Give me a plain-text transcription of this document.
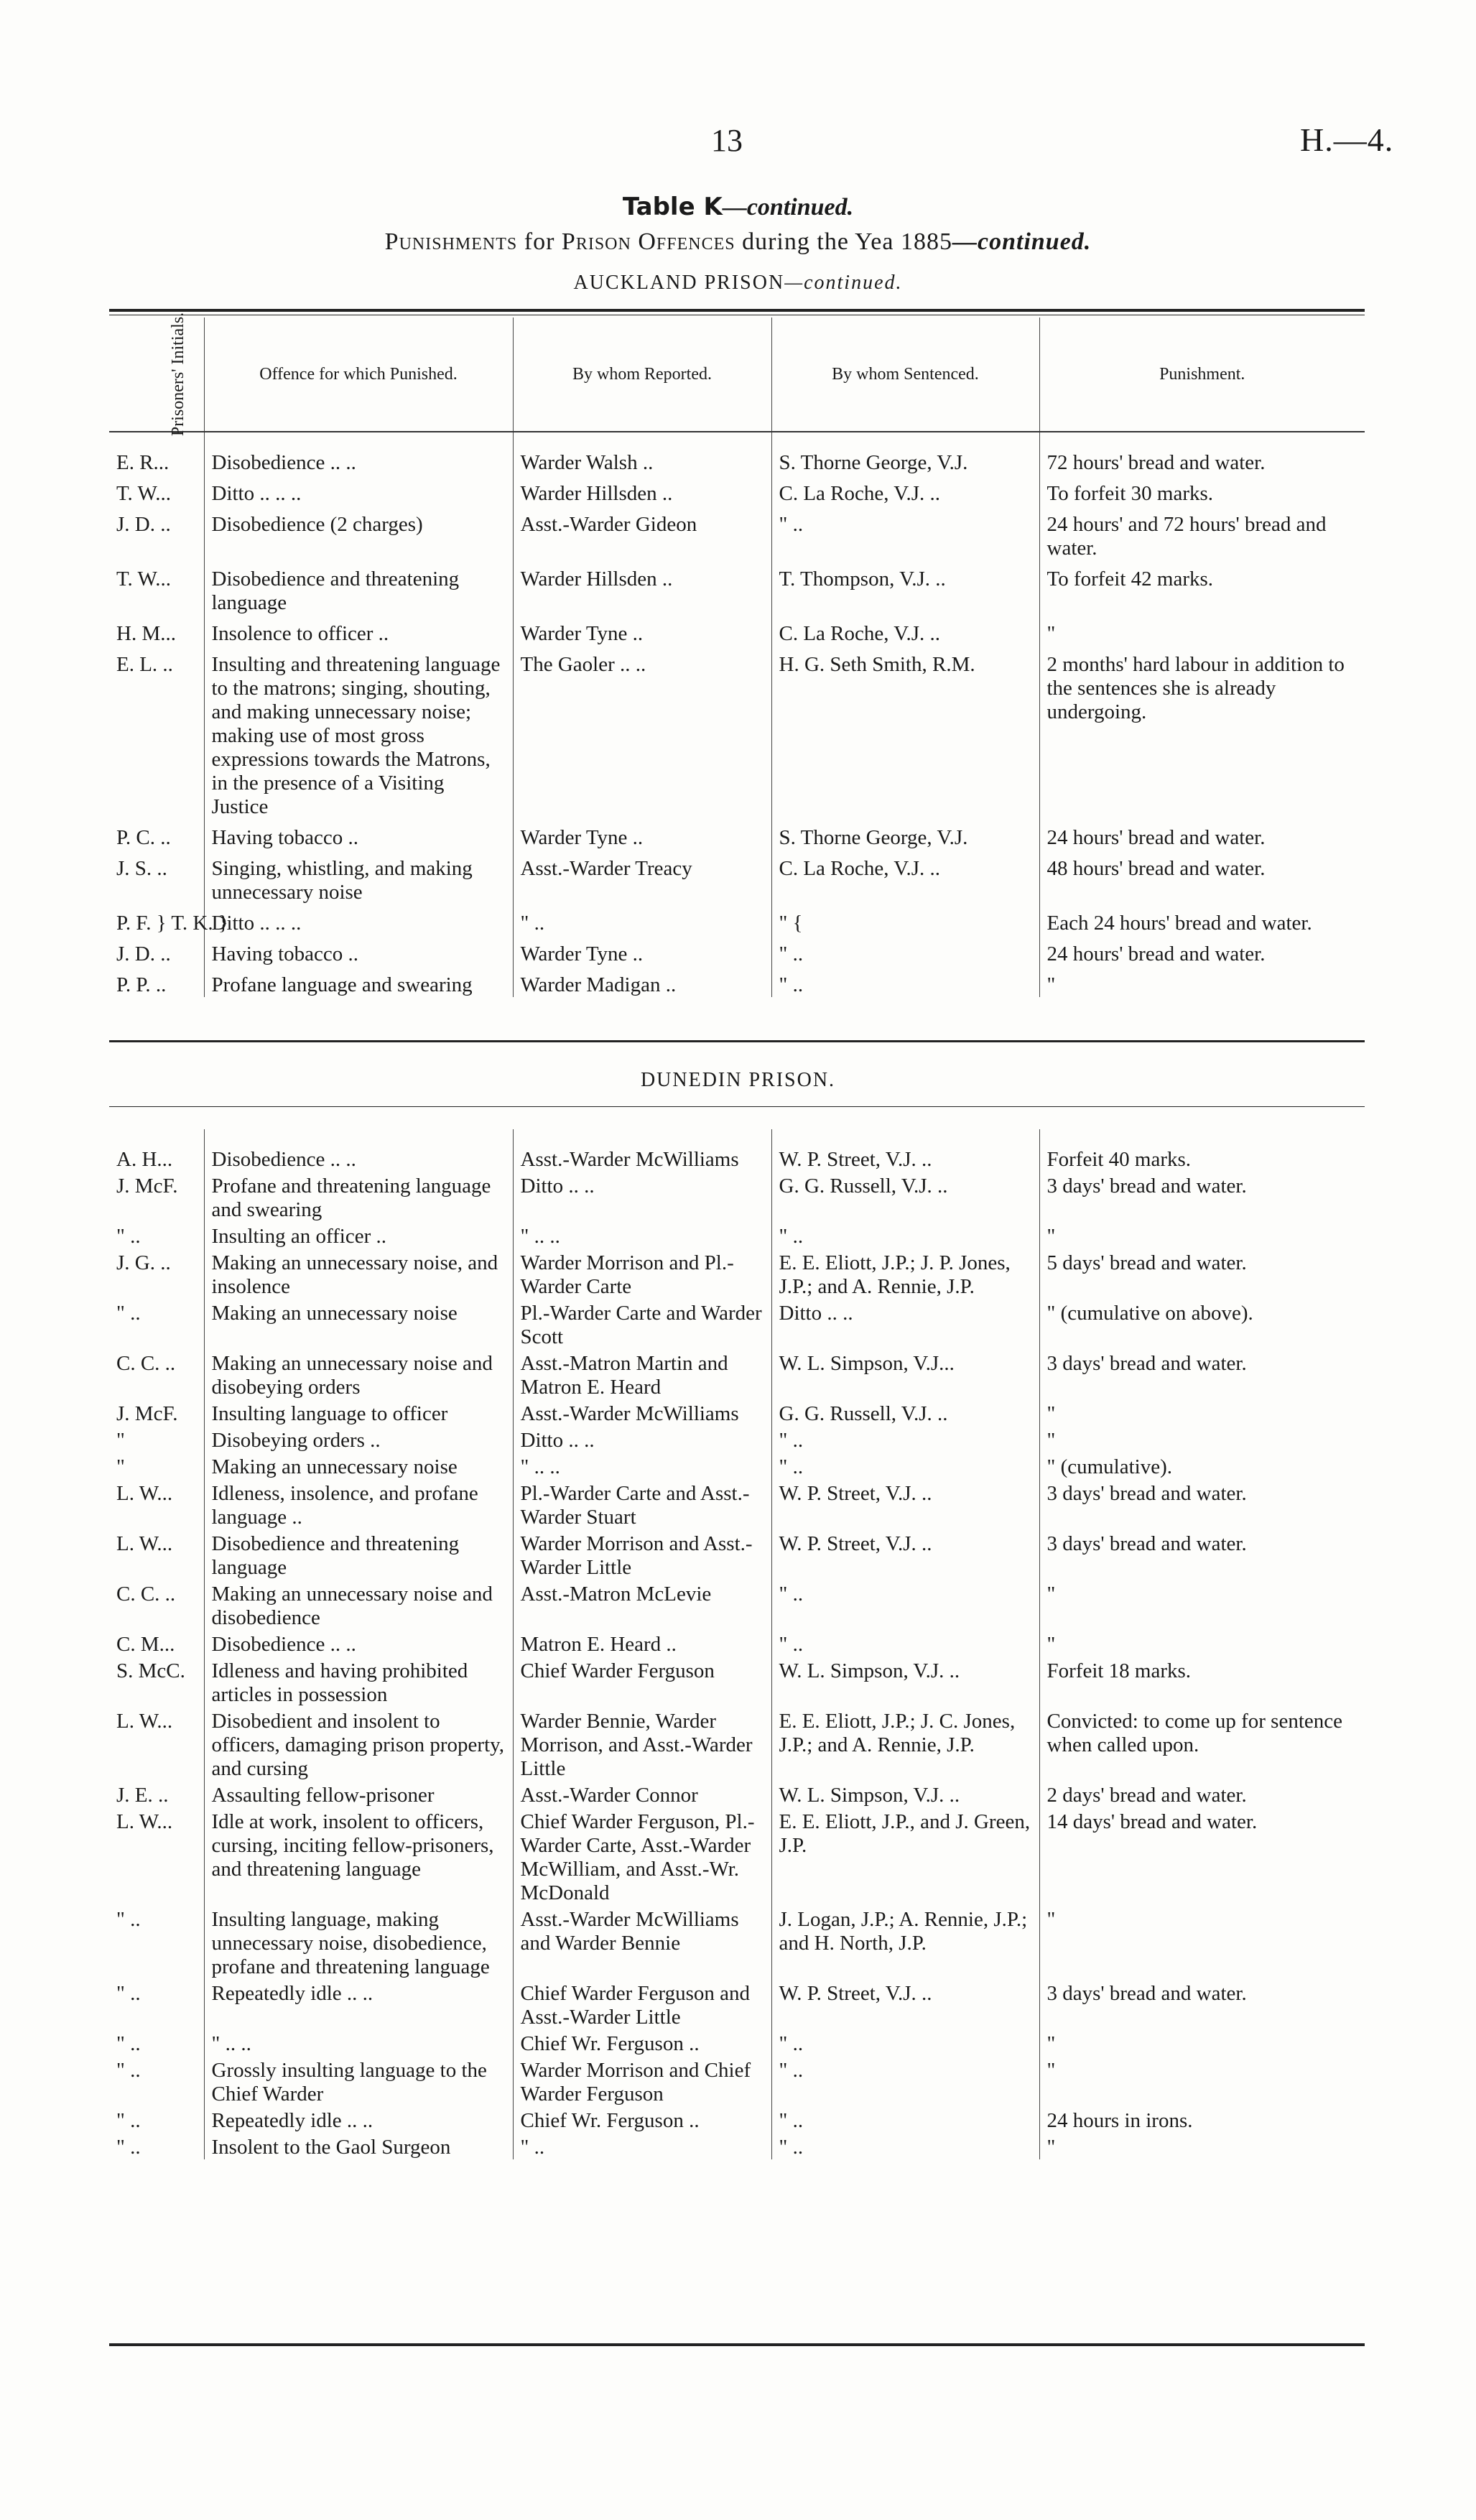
13	H.—4.
Table K—continued.
Punishments for Prison Offences during the Yea 1885—continued.
AUCKLAND PRISON—continued.
Prisoners' Initials.	Offence for which Punished.	By whom Reported.	By whom Sentenced.	Punishment.
E. R...	Disobedience .. ..	Warder Walsh ..	S. Thorne George, V.J.	72 hours' bread and water.
T. W...	Ditto .. .. ..	Warder Hillsden ..	C. La Roche, V.J. ..	To forfeit 30 marks.
J. D. ..	Disobedience (2 charges)	Asst.-Warder Gideon	" ..	24 hours' and 72 hours' bread and water.
T. W...	Disobedience and threatening language	Warder Hillsden ..	T. Thompson, V.J. ..	To forfeit 42 marks.
H. M...	Insolence to officer ..	Warder Tyne ..	C. La Roche, V.J. ..	"
E. L. ..	Insulting and threatening language to the matrons; singing, shouting, and making unnecessary noise; making use of most gross expressions towards the Matrons, in the presence of a Visiting Justice	The Gaoler .. ..	H. G. Seth Smith, R.M.	2 months' hard labour in addition to the sentences she is already undergoing.
P. C. ..	Having tobacco ..	Warder Tyne ..	S. Thorne George, V.J.	24 hours' bread and water.
J. S. ..	Singing, whistling, and making unnecessary noise	Asst.-Warder Treacy	C. La Roche, V.J. ..	48 hours' bread and water.
P. F. } T. K. }	Ditto .. .. ..	" ..	" {	Each 24 hours' bread and water.
J. D. ..	Having tobacco ..	Warder Tyne ..	" ..	24 hours' bread and water.
P. P. ..	Profane language and swearing	Warder Madigan ..	" ..	"
DUNEDIN PRISON.
A. H...	Disobedience .. ..	Asst.-Warder McWilliams	W. P. Street, V.J. ..	Forfeit 40 marks.
J. McF.	Profane and threatening language and swearing	Ditto .. ..	G. G. Russell, V.J. ..	3 days' bread and water.
" ..	Insulting an officer ..	" .. ..	" ..	"
J. G. ..	Making an unnecessary noise, and insolence	Warder Morrison and Pl.-Warder Carte	E. E. Eliott, J.P.; J. P. Jones, J.P.; and A. Rennie, J.P.	5 days' bread and water.
" ..	Making an unnecessary noise	Pl.-Warder Carte and Warder Scott	Ditto .. ..	" (cumulative on above).
C. C. ..	Making an unnecessary noise and disobeying orders	Asst.-Matron Martin and Matron E. Heard	W. L. Simpson, V.J...	3 days' bread and water.
J. McF.	Insulting language to officer	Asst.-Warder McWilliams	G. G. Russell, V.J. ..	"
"	Disobeying orders ..	Ditto .. ..	" ..	"
"	Making an unnecessary noise	" .. ..	" ..	" (cumulative).
L. W...	Idleness, insolence, and profane language ..	Pl.-Warder Carte and Asst.-Warder Stuart	W. P. Street, V.J. ..	3 days' bread and water.
L. W...	Disobedience and threatening language	Warder Morrison and Asst.-Warder Little	W. P. Street, V.J. ..	3 days' bread and water.
C. C. ..	Making an unnecessary noise and disobedience	Asst.-Matron McLevie	" ..	"
C. M...	Disobedience .. ..	Matron E. Heard ..	" ..	"
S. McC.	Idleness and having prohibited articles in possession	Chief Warder Ferguson	W. L. Simpson, V.J. ..	Forfeit 18 marks.
L. W...	Disobedient and insolent to officers, damaging prison property, and cursing	Warder Bennie, Warder Morrison, and Asst.-Warder Little	E. E. Eliott, J.P.; J. C. Jones, J.P.; and A. Rennie, J.P.	Convicted: to come up for sentence when called upon.
J. E. ..	Assaulting fellow-prisoner	Asst.-Warder Connor	W. L. Simpson, V.J. ..	2 days' bread and water.
L. W...	Idle at work, insolent to officers, cursing, inciting fellow-prisoners, and threatening language	Chief Warder Ferguson, Pl.-Warder Carte, Asst.-Warder McWilliam, and Asst.-Wr. McDonald	E. E. Eliott, J.P., and J. Green, J.P.	14 days' bread and water.
" ..	Insulting language, making unnecessary noise, disobedience, profane and threatening language	Asst.-Warder McWilliams and Warder Bennie	J. Logan, J.P.; A. Rennie, J.P.; and H. North, J.P.	"
" ..	Repeatedly idle .. ..	Chief Warder Ferguson and Asst.-Warder Little	W. P. Street, V.J. ..	3 days' bread and water.
" ..	" .. ..	Chief Wr. Ferguson ..	" ..	"
" ..	Grossly insulting language to the Chief Warder	Warder Morrison and Chief Warder Ferguson	" ..	"
" ..	Repeatedly idle .. ..	Chief Wr. Ferguson ..	" ..	24 hours in irons.
" ..	Insolent to the Gaol Surgeon	" ..	" ..	"
